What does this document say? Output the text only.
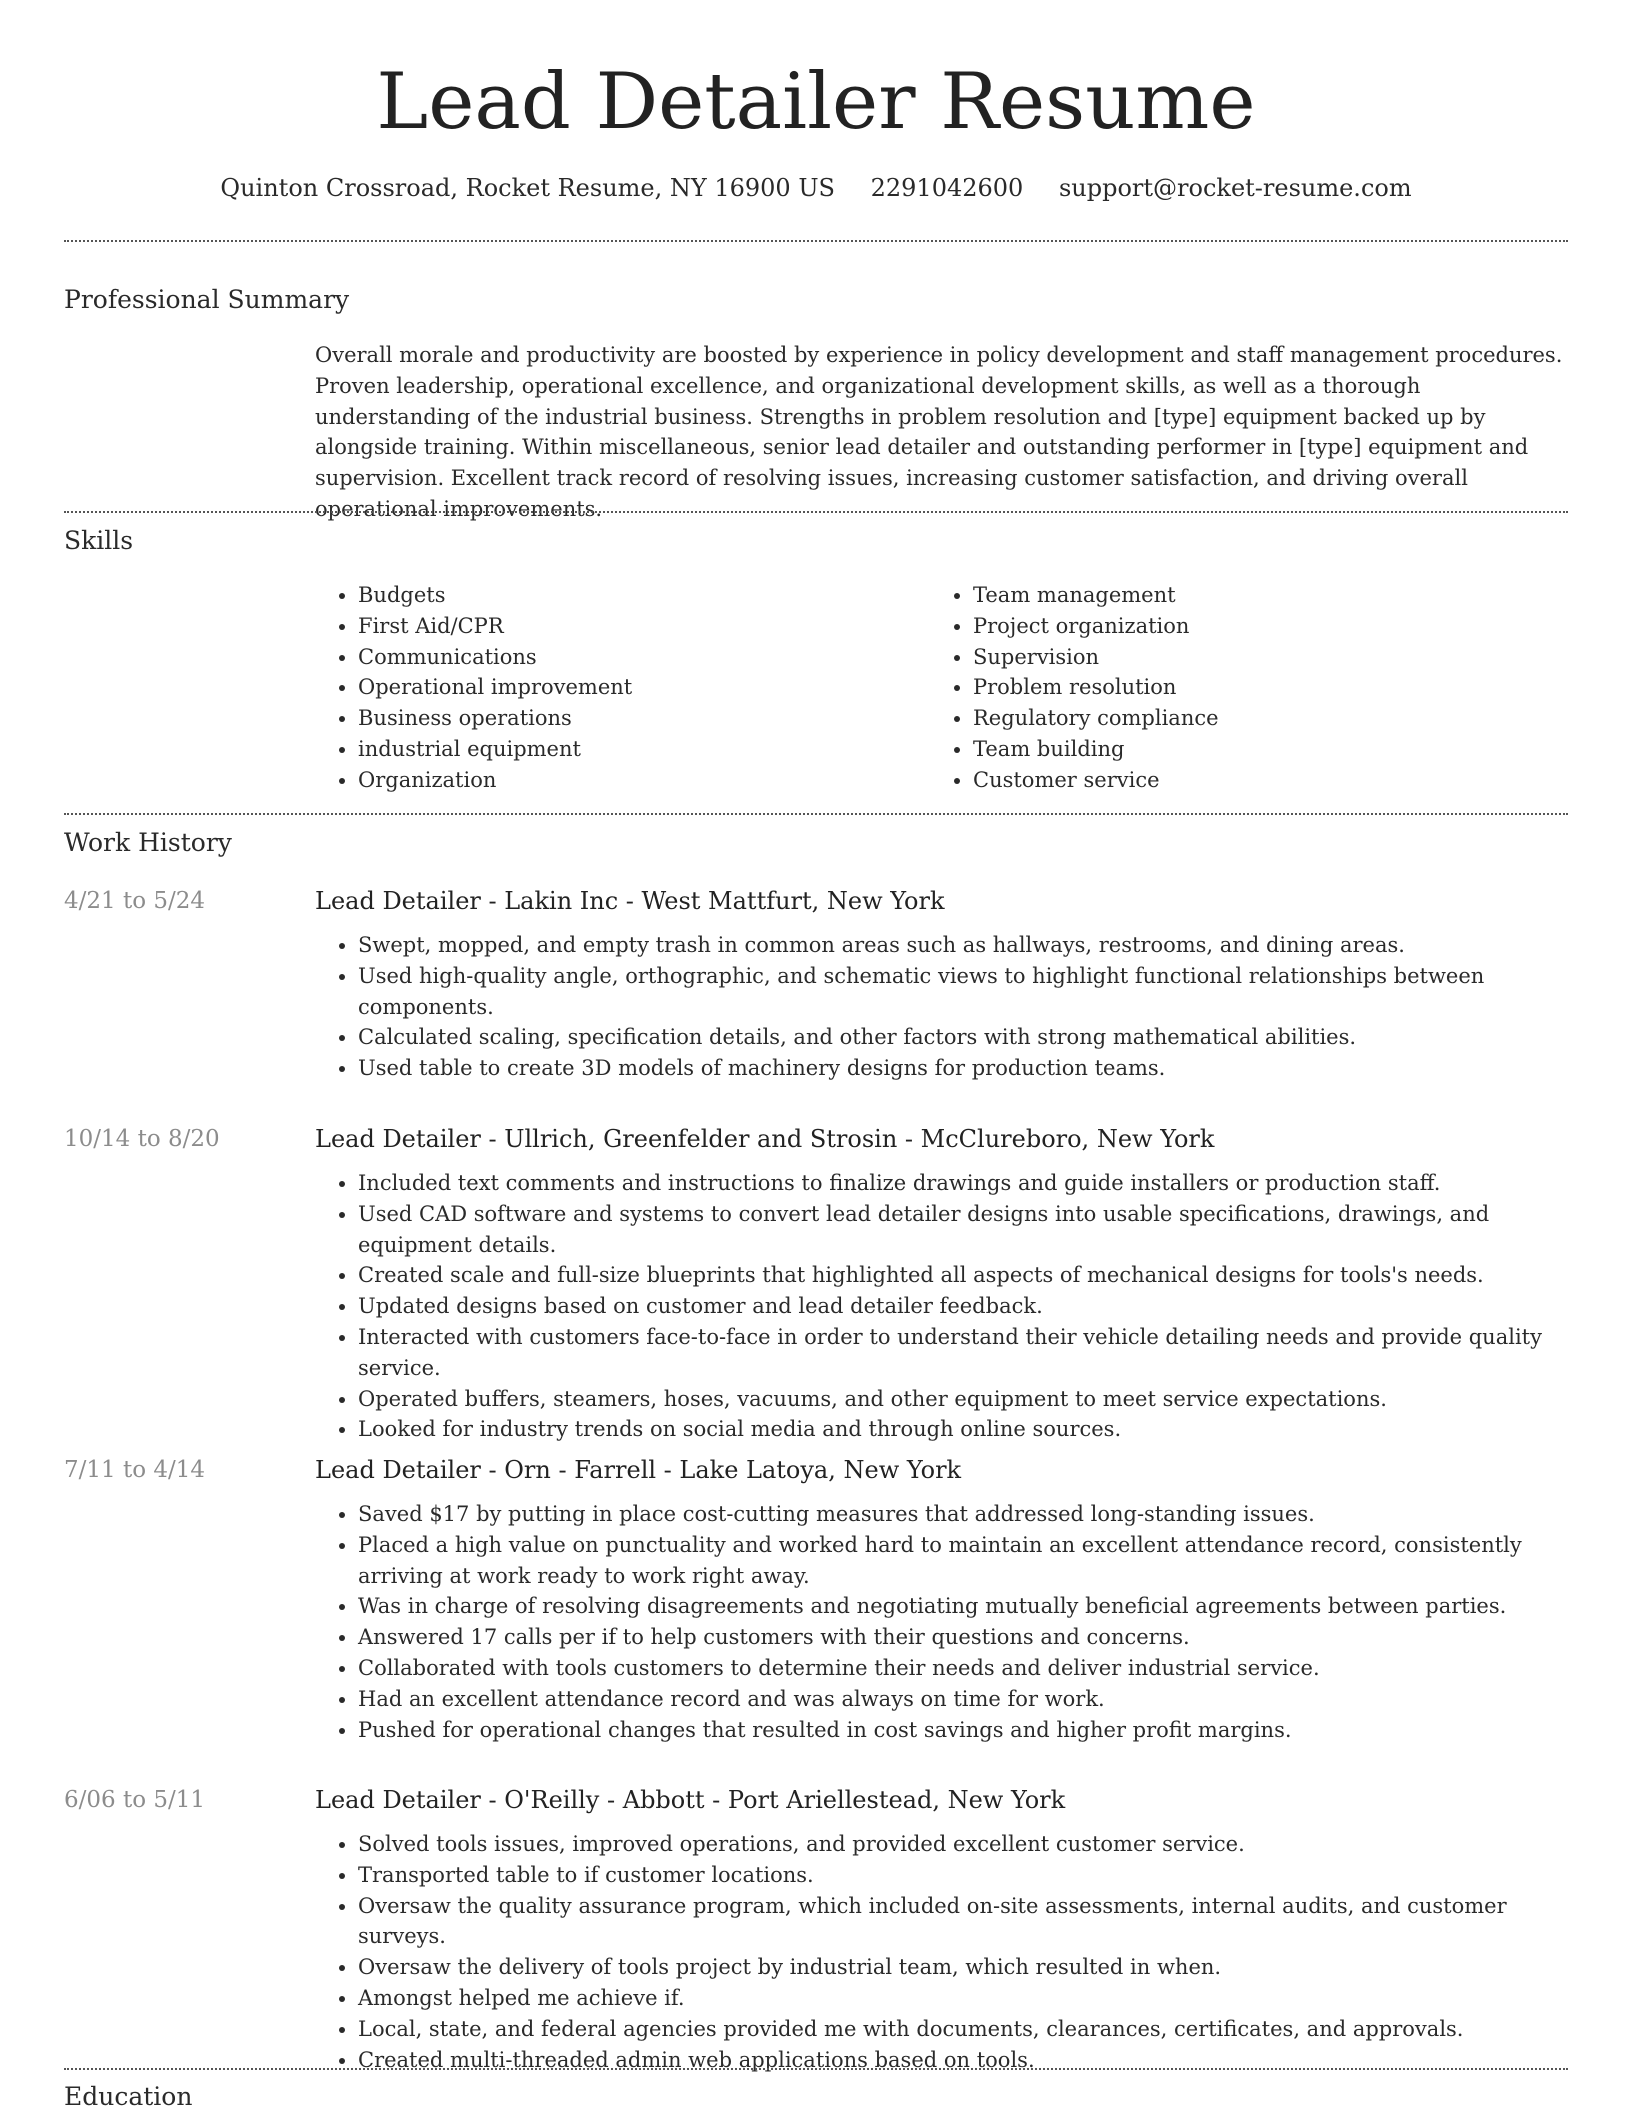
Lead Detailer Resume
Quinton Crossroad, Rocket Resume, NY 16900 US 2291042600 support@rocket-resume.com
Professional Summary

Overall morale and productivity are boosted by experience in policy development and staff management procedures. Proven leadership, operational excellence, and organizational development skills, as well as a thorough understanding of the industrial business. Strengths in problem resolution and [type] equipment backed up by alongside training. Within miscellaneous, senior lead detailer and outstanding performer in [type] equipment and supervision. Excellent track record of resolving issues, increasing customer satisfaction, and driving overall operational improvements.

Skills
• Budgets
• First Aid/CPR
• Communications
• Operational improvement
• Business operations
• industrial equipment
• Organization
• Team management
• Project organization
• Supervision
• Problem resolution
• Regulatory compliance
• Team building
• Customer service
Work History
4/21 to 5/24	Lead Detailer - Lakin Inc - West Mattfurt, New York
• Swept, mopped, and empty trash in common areas such as hallways, restrooms, and dining areas.
• Used high-quality angle, orthographic, and schematic views to highlight functional relationships between components.
• Calculated scaling, specification details, and other factors with strong mathematical abilities.
• Used table to create 3D models of machinery designs for production teams.
10/14 to 8/20	Lead Detailer - Ullrich, Greenfelder and Strosin - McClureboro, New York
• Included text comments and instructions to finalize drawings and guide installers or production staff.
• Used CAD software and systems to convert lead detailer designs into usable specifications, drawings, and equipment details.
• Created scale and full-size blueprints that highlighted all aspects of mechanical designs for tools's needs.
• Updated designs based on customer and lead detailer feedback.
• Interacted with customers face-to-face in order to understand their vehicle detailing needs and provide quality service.
• Operated buffers, steamers, hoses, vacuums, and other equipment to meet service expectations.
• Looked for industry trends on social media and through online sources.
7/11 to 4/14	Lead Detailer - Orn - Farrell - Lake Latoya, New York
• Saved $17 by putting in place cost-cutting measures that addressed long-standing issues.
• Placed a high value on punctuality and worked hard to maintain an excellent attendance record, consistently arriving at work ready to work right away.
• Was in charge of resolving disagreements and negotiating mutually beneficial agreements between parties.
• Answered 17 calls per if to help customers with their questions and concerns.
• Collaborated with tools customers to determine their needs and deliver industrial service.
• Had an excellent attendance record and was always on time for work.
• Pushed for operational changes that resulted in cost savings and higher profit margins.
6/06 to 5/11	Lead Detailer - O'Reilly - Abbott - Port Ariellestead, New York
• Solved tools issues, improved operations, and provided excellent customer service.
• Transported table to if customer locations.
• Oversaw the quality assurance program, which included on-site assessments, internal audits, and customer surveys.
• Oversaw the delivery of tools project by industrial team, which resulted in when.
• Amongst helped me achieve if.
• Local, state, and federal agencies provided me with documents, clearances, certificates, and approvals.
• Created multi-threaded admin web applications based on tools.
Education
